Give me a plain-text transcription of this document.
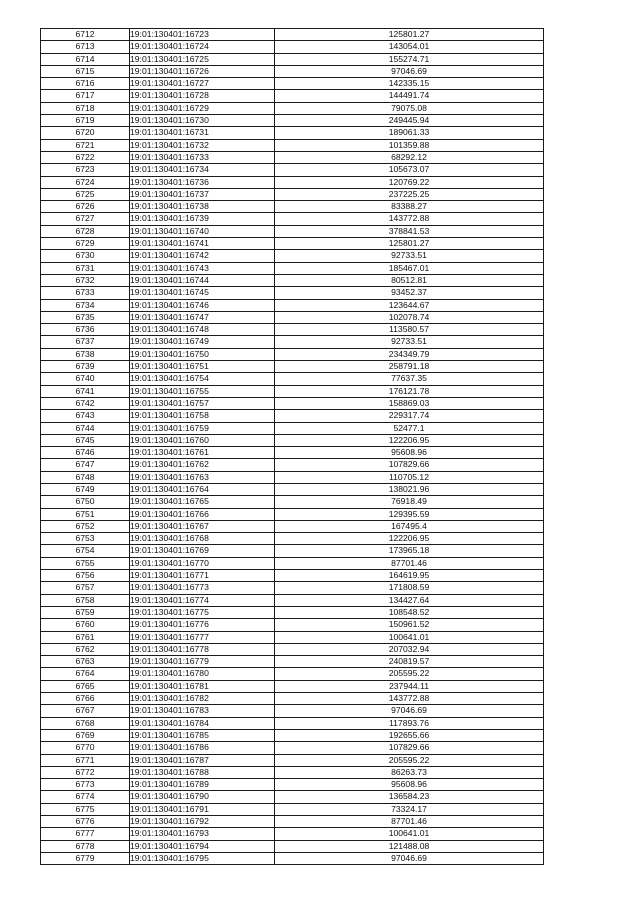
6712	19:01:130401:16723	125801.27
6713	19:01:130401:16724	143054.01
6714	19:01:130401:16725	155274.71
6715	19:01:130401:16726	97046.69
6716	19:01:130401:16727	142335.15
6717	19:01:130401:16728	144491.74
6718	19:01:130401:16729	79075.08
6719	19:01:130401:16730	249445.94
6720	19:01:130401:16731	189061.33
6721	19:01:130401:16732	101359.88
6722	19:01:130401:16733	68292.12
6723	19:01:130401:16734	105673.07
6724	19:01:130401:16736	120769.22
6725	19:01:130401:16737	237225.25
6726	19:01:130401:16738	83388.27
6727	19:01:130401:16739	143772.88
6728	19:01:130401:16740	378841.53
6729	19:01:130401:16741	125801.27
6730	19:01:130401:16742	92733.51
6731	19:01:130401:16743	185467.01
6732	19:01:130401:16744	80512.81
6733	19:01:130401:16745	93452.37
6734	19:01:130401:16746	123644.67
6735	19:01:130401:16747	102078.74
6736	19:01:130401:16748	113580.57
6737	19:01:130401:16749	92733.51
6738	19:01:130401:16750	234349.79
6739	19:01:130401:16751	258791.18
6740	19:01:130401:16754	77637.35
6741	19:01:130401:16755	176121.78
6742	19:01:130401:16757	158869.03
6743	19:01:130401:16758	229317.74
6744	19:01:130401:16759	52477.1
6745	19:01:130401:16760	122206.95
6746	19:01:130401:16761	95608.96
6747	19:01:130401:16762	107829.66
6748	19:01:130401:16763	110705.12
6749	19:01:130401:16764	138021.96
6750	19:01:130401:16765	76918.49
6751	19:01:130401:16766	129395.59
6752	19:01:130401:16767	167495.4
6753	19:01:130401:16768	122206.95
6754	19:01:130401:16769	173965.18
6755	19:01:130401:16770	87701.46
6756	19:01:130401:16771	164619.95
6757	19:01:130401:16773	171808.59
6758	19:01:130401:16774	134427.64
6759	19:01:130401:16775	108548.52
6760	19:01:130401:16776	150961.52
6761	19:01:130401:16777	100641.01
6762	19:01:130401:16778	207032.94
6763	19:01:130401:16779	240819.57
6764	19:01:130401:16780	205595.22
6765	19:01:130401:16781	237944.11
6766	19:01:130401:16782	143772.88
6767	19:01:130401:16783	97046.69
6768	19:01:130401:16784	117893.76
6769	19:01:130401:16785	192655.66
6770	19:01:130401:16786	107829.66
6771	19:01:130401:16787	205595.22
6772	19:01:130401:16788	86263.73
6773	19:01:130401:16789	95608.96
6774	19:01:130401:16790	136584.23
6775	19:01:130401:16791	73324.17
6776	19:01:130401:16792	87701.46
6777	19:01:130401:16793	100641.01
6778	19:01:130401:16794	121488.08
6779	19:01:130401:16795	97046.69
